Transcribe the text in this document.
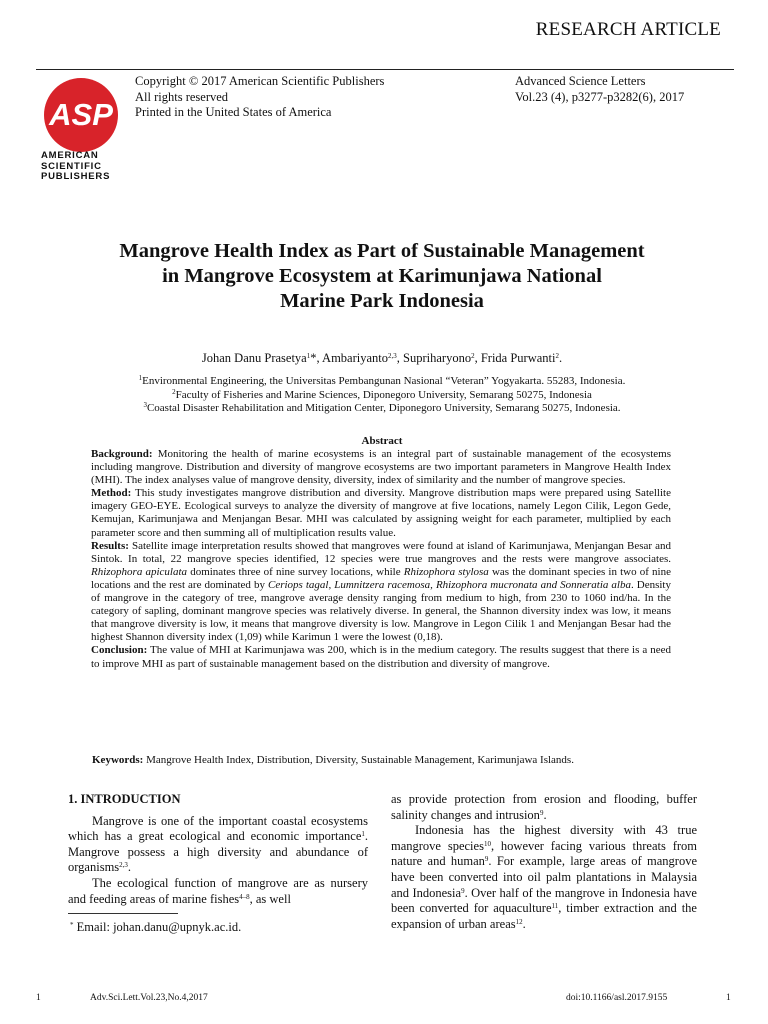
RESEARCH ARTICLE
ASP
AMERICAN
SCIENTIFIC
PUBLISHERS
Copyright © 2017 American Scientific Publishers
All rights reserved
Printed in the United States of America
Advanced Science Letters
Vol.23 (4), p3277-p3282(6), 2017
Mangrove Health Index as Part of Sustainable Management
in Mangrove Ecosystem at Karimunjawa National
Marine Park Indonesia
Johan Danu Prasetya$^1$*, Ambariyanto$^{2,3}$, Supriharyono$^2$, Frida Purwanti$^2$.
$^1$Environmental Engineering, the Universitas Pembangunan Nasional “Veteran” Yogyakarta. 55283, Indonesia.
$^2$Faculty of Fisheries and Marine Sciences, Diponegoro University, Semarang 50275, Indonesia
$^3$Coastal Disaster Rehabilitation and Mitigation Center, Diponegoro University, Semarang 50275, Indonesia.
Abstract

Background: Monitoring the health of marine ecosystems is an integral part of sustainable management of the ecosystems including mangrove. Distribution and diversity of mangrove ecosystems are two important parameters in Mangrove Health Index (MHI). The index analyses value of mangrove density, diversity, index of similarity and the number of mangrove species.

Method: This study investigates mangrove distribution and diversity. Mangrove distribution maps were prepared using Satellite imagery GEO-EYE. Ecological surveys to analyze the diversity of mangrove at five locations, namely Legon Cilik, Legon Gede, Kemujan, Karimunjawa and Menjangan Besar. MHI was calculated by assigning weight for each parameter, multiplied by each parameter score and then summing all of multiplication results value.

Results: Satellite image interpretation results showed that mangroves were found at island of Karimunjawa, Menjangan Besar and Sintok. In total, 22 mangrove species identified, 12 species were true mangroves and the rests were mangrove associates. Rhizophora apiculata dominates three of nine survey locations, while Rhizophora stylosa was the dominant species in two of nine locations and the rest are dominated by Ceriops tagal, Lumnitzera racemosa, Rhizophora mucronata and Sonneratia alba. Density of mangrove in the category of tree, mangrove average density ranging from medium to high, from 230 to 1060 ind/ha. In the category of sapling, dominant mangrove species was relatively diverse. In general, the Shannon diversity index was low, it means that mangrove diversity is low, it means that mangrove diversity is low. Mangrove in Legon Cilik 1 and Menjangan Besar had the highest Shannon diversity index (1,09) while Karimun 1 were the lowest (0,18).

Conclusion: The value of MHI at Karimunjawa was 200, which is in the medium category. The results suggest that there is a need to improve MHI as part of sustainable management based on the distribution and diversity of mangrove.

Keywords: Mangrove Health Index, Distribution, Diversity, Sustainable Management, Karimunjawa Islands.

1. INTRODUCTION

Mangrove is one of the important coastal ecosystems which has a great ecological and economic importance$^1$. Mangrove possess a high diversity and abundance of organisms$^{2,3}$.

The ecological function of mangrove are as nursery and feeding areas of marine fishes$^{4-8}$, as well

as provide protection from erosion and flooding, buffer salinity changes and intrusion$^9$.

Indonesia has the highest diversity with 43 true mangrove species$^{10}$, however facing various threats from nature and human$^9$. For example, large areas of mangrove have been converted into oil palm plantations in Malaysia and Indonesia$^9$. Over half of the mangrove in Indonesia have been converted for aquaculture$^{11}$, timber extraction and the expansion of urban areas$^{12}$.

* Email: johan.danu@upnyk.ac.id.
1	Adv.Sci.Lett.Vol.23,No.4,2017	doi:10.1166/asl.2017.9155	1
